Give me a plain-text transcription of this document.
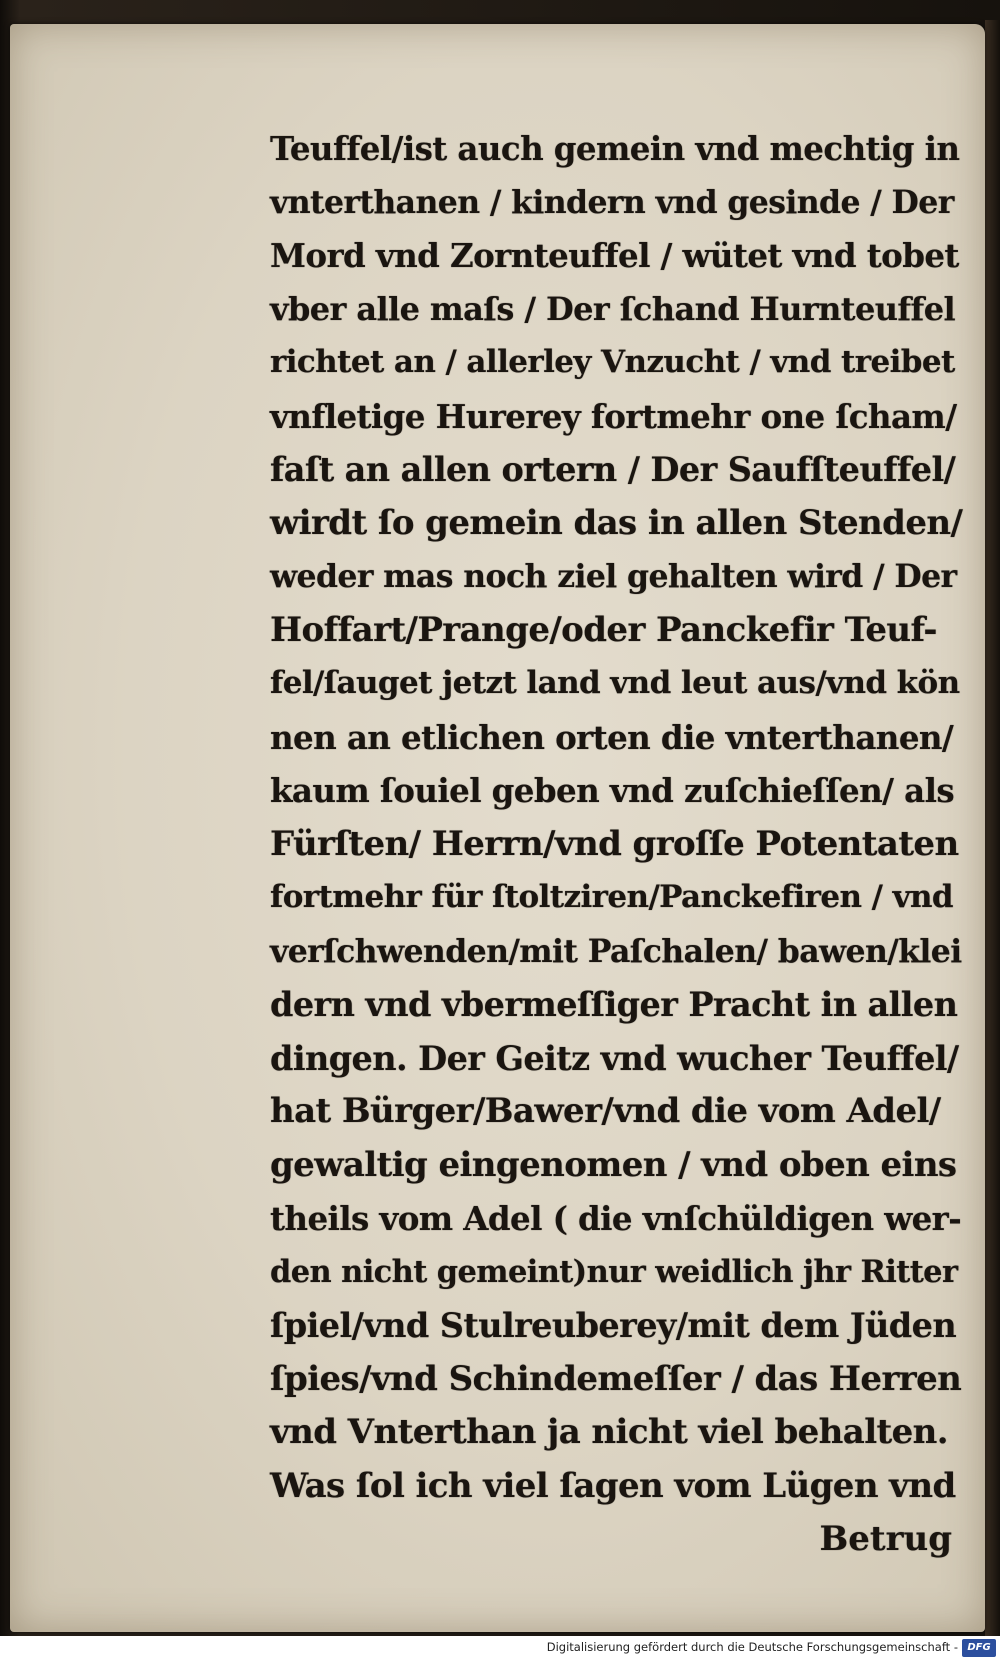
Teuffel/ist auch gemein vnd mechtig in
vnterthanen / kindern vnd gesinde / Der
Mord vnd Zornteuffel / wütet vnd tobet
vber alle maſs / Der ſchand Hurnteuffel
richtet an / allerley Vnzucht / vnd treibet
vnfletige Hurerey fortmehr one ſcham/
faſt an allen ortern / Der Saufſteuffel/
wirdt ſo gemein das in allen Stenden/
weder mas noch ziel gehalten wird / Der
Hoffart/Prange/oder Panckefir Teuf-
fel/ſauget jetzt land vnd leut aus/vnd kön
nen an etlichen orten die vnterthanen/
kaum ſouiel geben vnd zuſchieſſen/ als
Fürſten/ Herrn/vnd groſſe Potentaten
fortmehr für ſtoltziren/Panckefiren / vnd
verſchwenden/mit Paſchalen/ bawen/klei
dern vnd vbermeſſiger Pracht in allen
dingen. Der Geitz vnd wucher Teuffel/
hat Bürger/Bawer/vnd die vom Adel/
gewaltig eingenomen / vnd oben eins
theils vom Adel ( die vnſchüldigen wer-
den nicht gemeint)nur weidlich jhr Ritter
ſpiel/vnd Stulreuberey/mit dem Jüden
ſpies/vnd Schindemeſſer / das Herren
vnd Vnterthan ja nicht viel behalten.
Was ſol ich viel ſagen vom Lügen vnd
Betrug
Digitalisierung gefördert durch die Deutsche Forschungsgemeinschaft - DFG
